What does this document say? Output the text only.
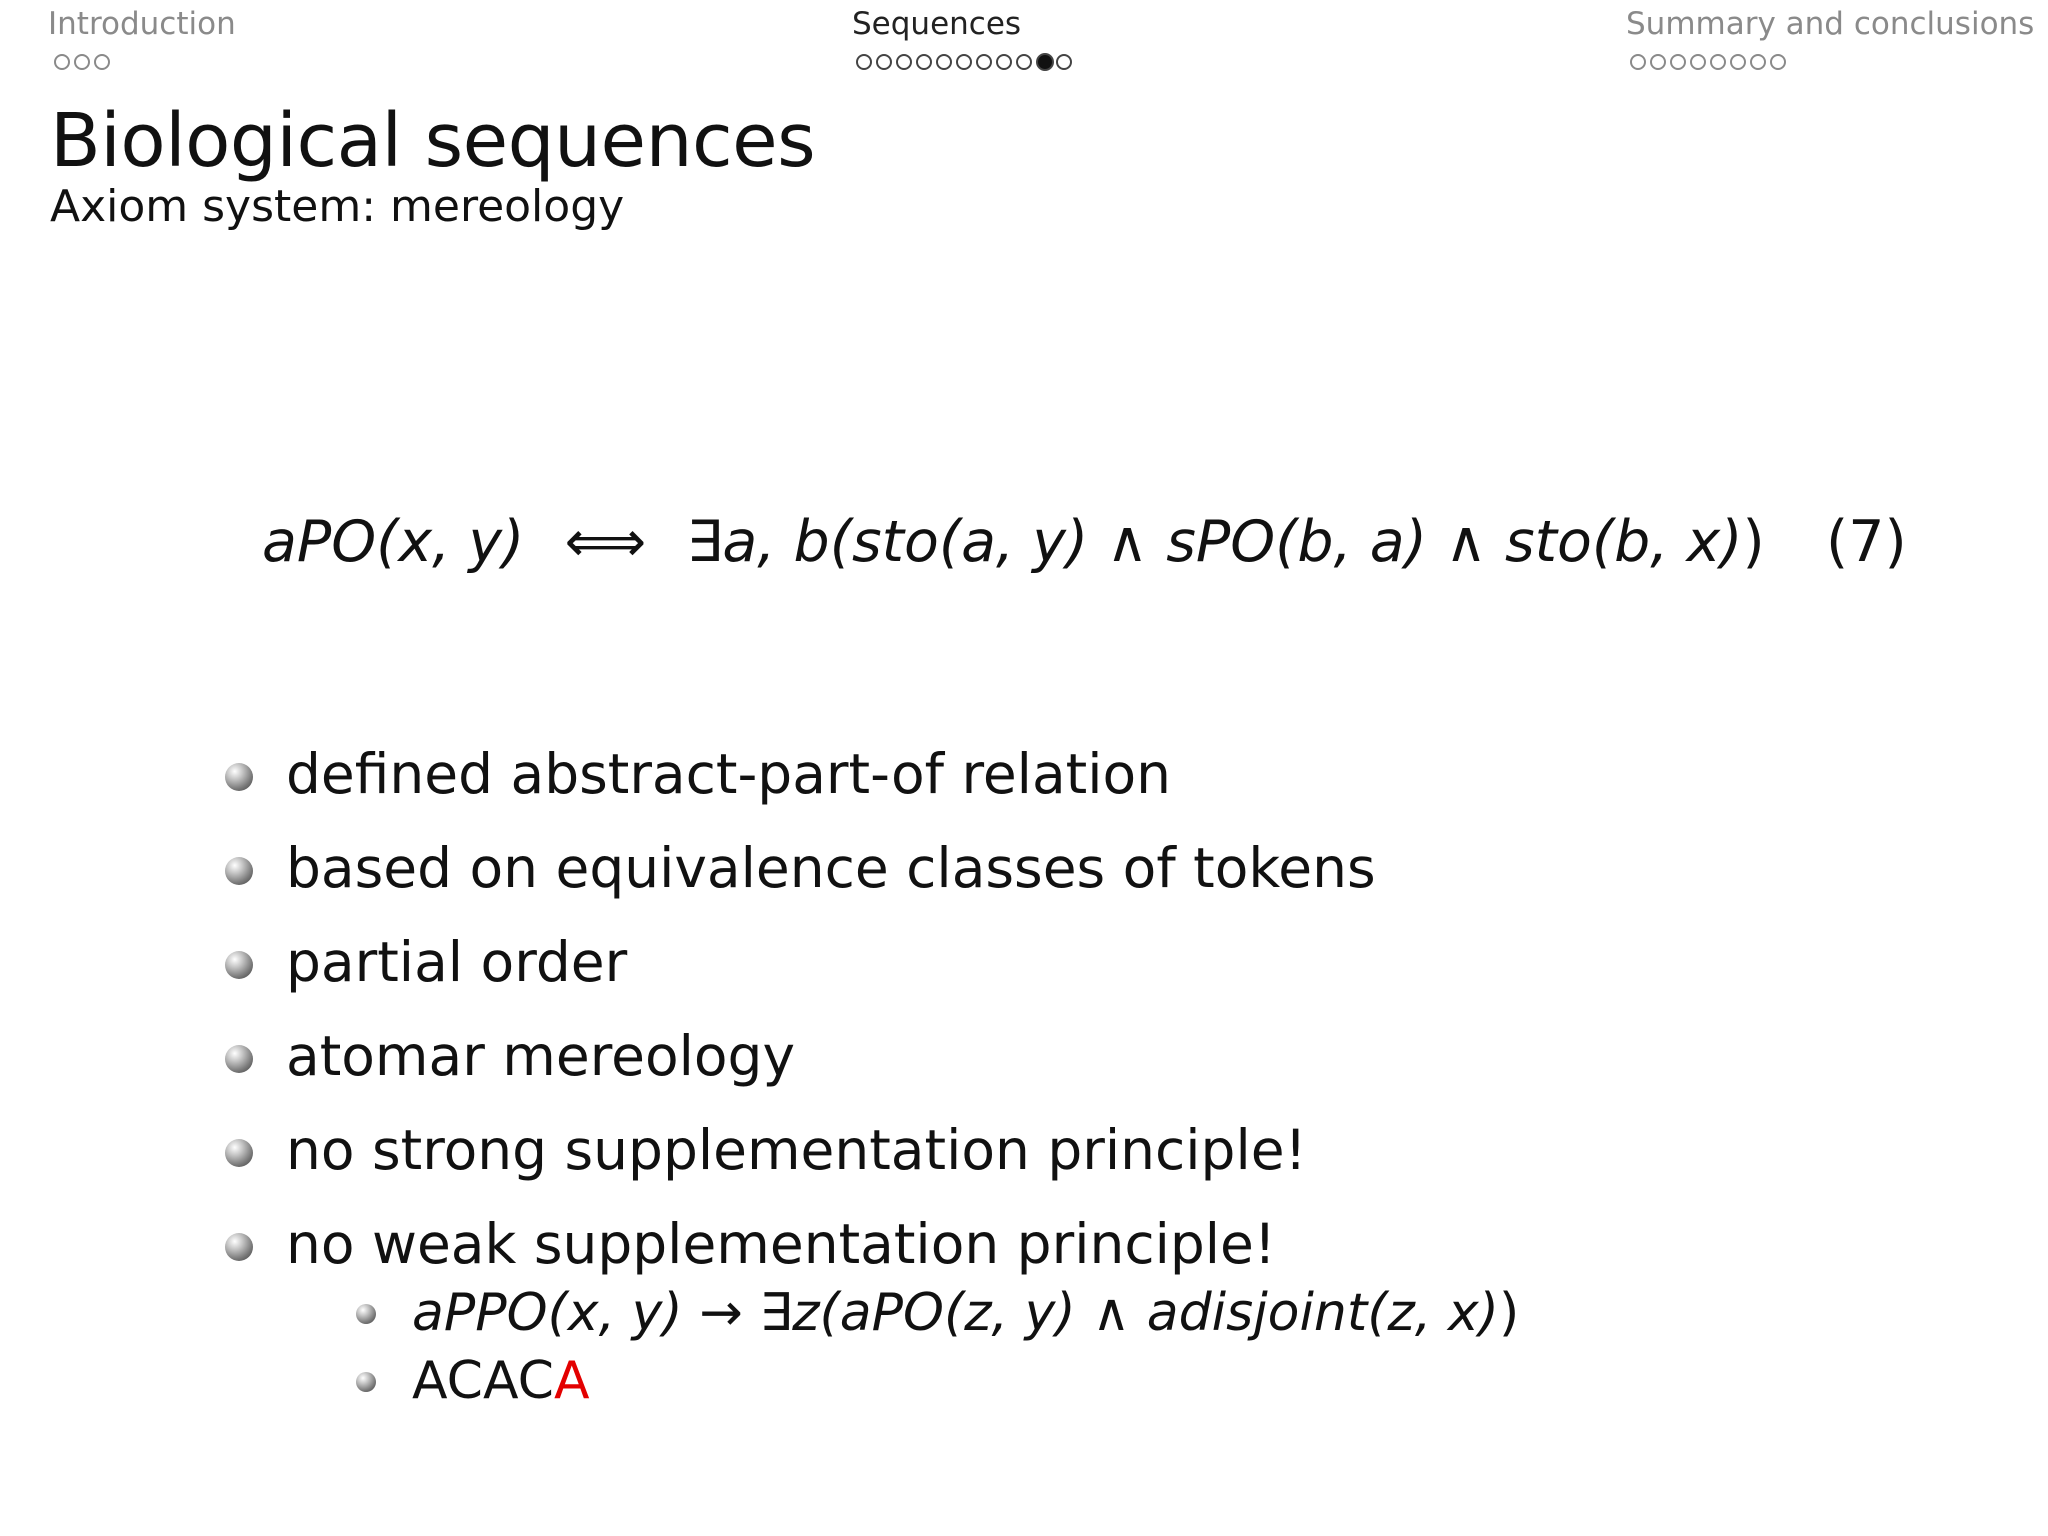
Introduction	Sequences	Summary and conclusions
Biological sequences
Axiom system: mereology
aPO(x, y) ⟺ ∃a, b(sto(a, y) ∧ sPO(b, a) ∧ sto(b, x)) (7)
defined abstract-part-of relation
based on equivalence classes of tokens
partial order
atomar mereology
no strong supplementation principle!
no weak supplementation principle!
aPPO(x, y) → ∃z(aPO(z, y) ∧ adisjoint(z, x))
ACACA
